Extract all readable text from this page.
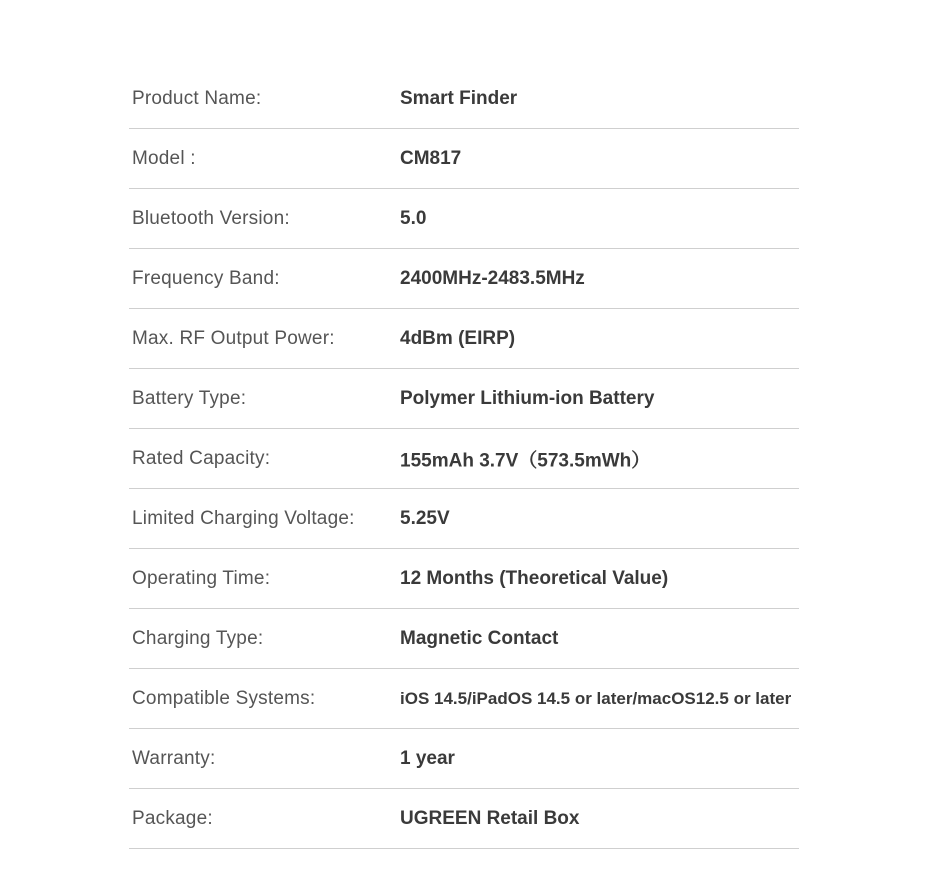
Product Name:	Smart Finder
Model :	CM817
Bluetooth Version:	5.0
Frequency Band:	2400MHz-2483.5MHz
Max. RF Output Power:	4dBm (EIRP)
Battery Type:	Polymer Lithium-ion Battery
Rated Capacity:	155mAh 3.7V（573.5mWh）
Limited Charging Voltage: 5.25V
Operating Time:	12 Months (Theoretical Value)
Charging Type:	Magnetic Contact
Compatible Systems:	iOS 14.5/iPadOS 14.5 or later/macOS12.5 or later
Warranty:	1 year
Package:	UGREEN Retail Box
